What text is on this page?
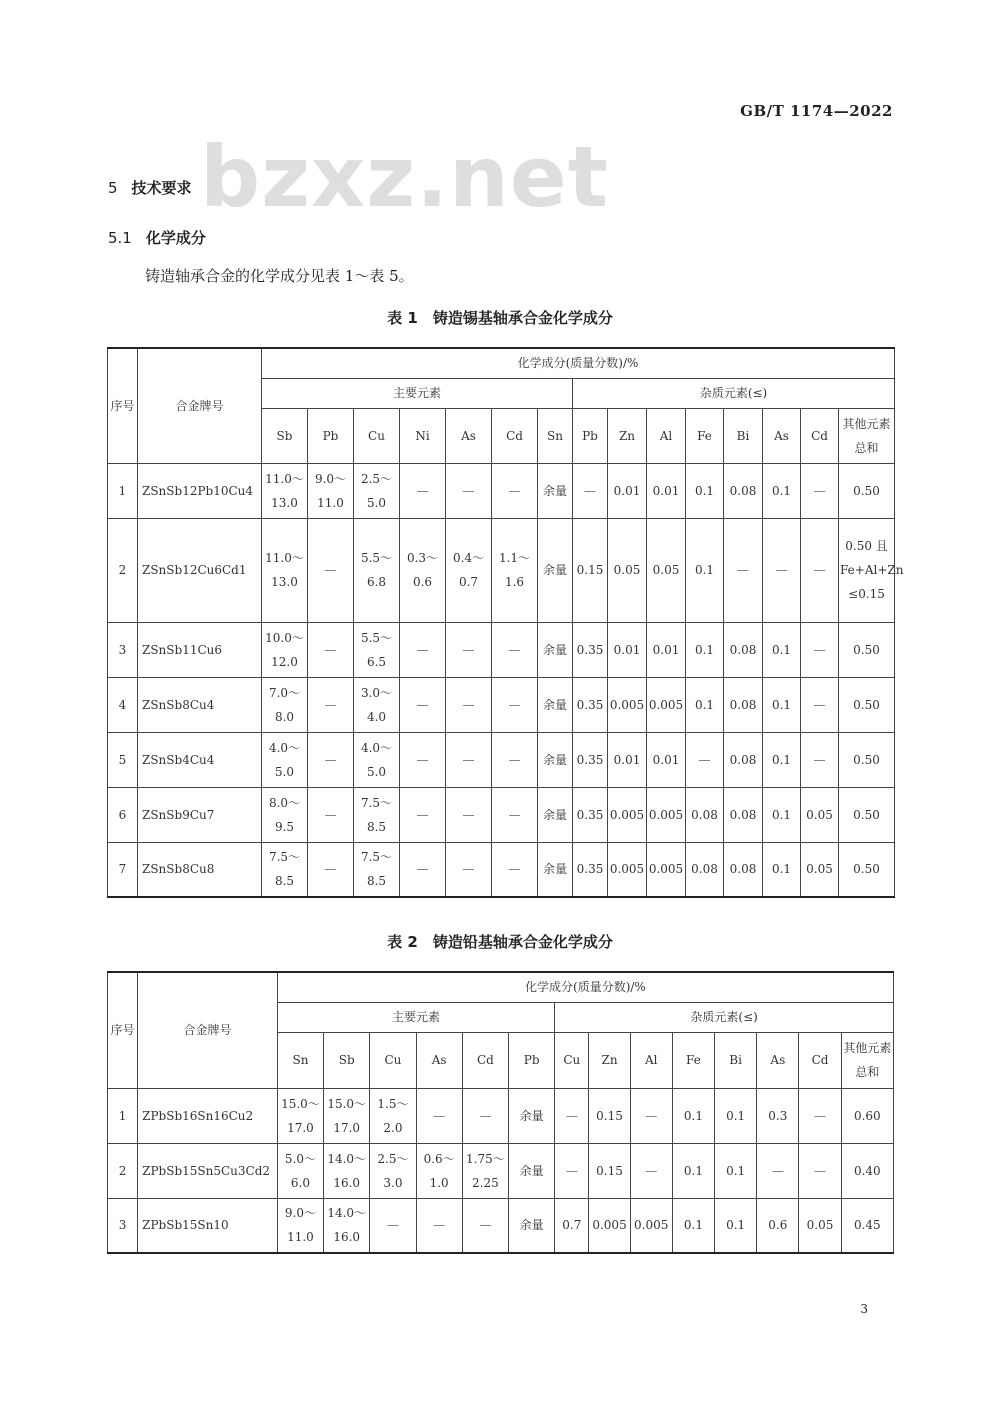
GB/T 1174—2022
bzxz.net
5 技术要求
5.1 化学成分
铸造轴承合金的化学成分见表 1～表 5。
表 1　铸造锡基轴承合金化学成分
序号	合金牌号	化学成分(质量分数)/%														
		主要元素							杂质元素(≤)							
		Sb	Pb	Cu	Ni	As	Cd	Sn	Pb	Zn	Al	Fe	Bi	As	Cd	其他元素总和
1	ZSnSb12Pb10Cu4	11.0～13.0	9.0～11.0	2.5～5.0	—	—	—	余量	—	0.01	0.01	0.1	0.08	0.1	—	0.50
2	ZSnSb12Cu6Cd1	11.0～13.0	—	5.5～6.8	0.3～0.6	0.4～0.7	1.1～1.6	余量	0.15	0.05	0.05	0.1	—	—	—	0.50 且 Fe+Al+Zn ≤0.15
3	ZSnSb11Cu6	10.0～12.0	—	5.5～6.5	—	—	—	余量	0.35	0.01	0.01	0.1	0.08	0.1	—	0.50
4	ZSnSb8Cu4	7.0～8.0	—	3.0～4.0	—	—	—	余量	0.35	0.005	0.005	0.1	0.08	0.1	—	0.50
5	ZSnSb4Cu4	4.0～5.0	—	4.0～5.0	—	—	—	余量	0.35	0.01	0.01	—	0.08	0.1	—	0.50
6	ZSnSb9Cu7	8.0～9.5	—	7.5～8.5	—	—	—	余量	0.35	0.005	0.005	0.08	0.08	0.1	0.05	0.50
7	ZSnSb8Cu8	7.5～8.5	—	7.5～8.5	—	—	—	余量	0.35	0.005	0.005	0.08	0.08	0.1	0.05	0.50
表 2　铸造铅基轴承合金化学成分
序号	合金牌号	化学成分(质量分数)/%													
		主要元素						杂质元素(≤)							
		Sn	Sb	Cu	As	Cd	Pb	Cu	Zn	Al	Fe	Bi	As	Cd	其他元素总和
1	ZPbSb16Sn16Cu2	15.0～17.0	15.0～17.0	1.5～2.0	—	—	余量	—	0.15	—	0.1	0.1	0.3	—	0.60
2	ZPbSb15Sn5Cu3Cd2	5.0～6.0	14.0～16.0	2.5～3.0	0.6～1.0	1.75～2.25	余量	—	0.15	—	0.1	0.1	—	—	0.40
3	ZPbSb15Sn10	9.0～11.0	14.0～16.0	—	—	—	余量	0.7	0.005	0.005	0.1	0.1	0.6	0.05	0.45
3
